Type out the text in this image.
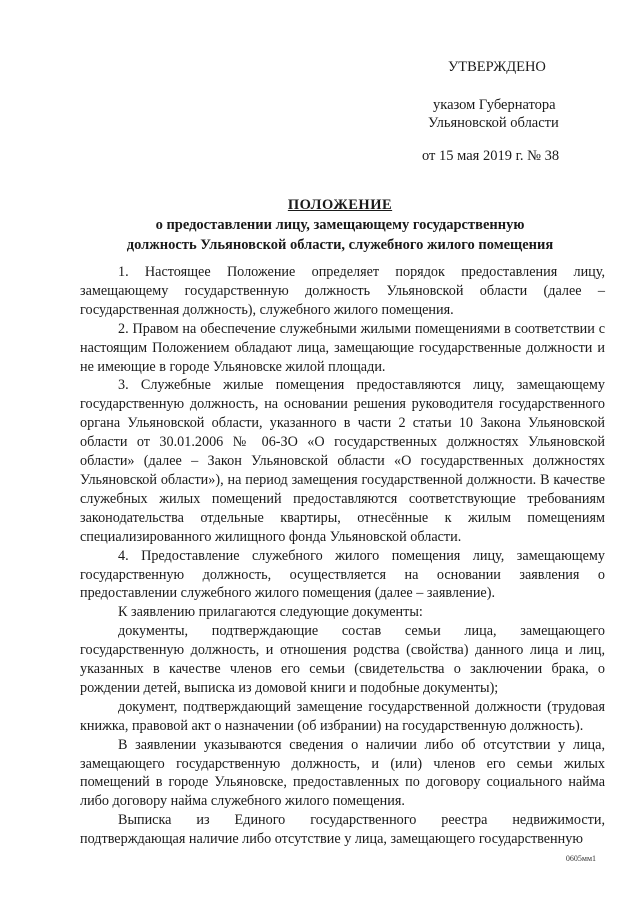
УТВЕРЖДЕНО
указом Губернатора
Ульяновской области
от 15 мая 2019 г. № 38
ПОЛОЖЕНИЕ
о предоставлении лицу, замещающему государственную
должность Ульяновской области, служебного жилого помещения

1. Настоящее Положение определяет порядок предоставления лицу, замещающему государственную должность Ульяновской области (далее – государственная должность), служебного жилого помещения.

2. Правом на обеспечение служебными жилыми помещениями в соответствии с настоящим Положением обладают лица, замещающие государственные должности и не имеющие в городе Ульяновске жилой площади.

3. Служебные жилые помещения предоставляются лицу, замещающему государственную должность, на основании решения руководителя государственного органа Ульяновской области, указанного в части 2 статьи 10 Закона Ульяновской области от 30.01.2006 № 06-ЗО «О государственных должностях Ульяновской области» (далее – Закон Ульяновской области «О государственных должностях Ульяновской области»), на период замещения государственной должности. В качестве служебных жилых помещений предоставляются соответствующие требованиям законодательства отдельные квартиры, отнесённые к жилым помещениям специализированного жилищного фонда Ульяновской области.

4. Предоставление служебного жилого помещения лицу, замещающему государственную должность, осуществляется на основании заявления о предоставлении служебного жилого помещения (далее – заявление).

К заявлению прилагаются следующие документы:

документы, подтверждающие состав семьи лица, замещающего государственную должность, и отношения родства (свойства) данного лица и лиц, указанных в качестве членов его семьи (свидетельства о заключении брака, о рождении детей, выписка из домовой книги и подобные документы);

документ, подтверждающий замещение государственной должности (трудовая книжка, правовой акт о назначении (об избрании) на государственную должность).

В заявлении указываются сведения о наличии либо об отсутствии у лица, замещающего государственную должность, и (или) членов его семьи жилых помещений в городе Ульяновске, предоставленных по договору социального найма либо договору найма служебного жилого помещения.

Выписка из Единого государственного реестра недвижимости, подтверждающая наличие либо отсутствие у лица, замещающего государственную

0605мм1
